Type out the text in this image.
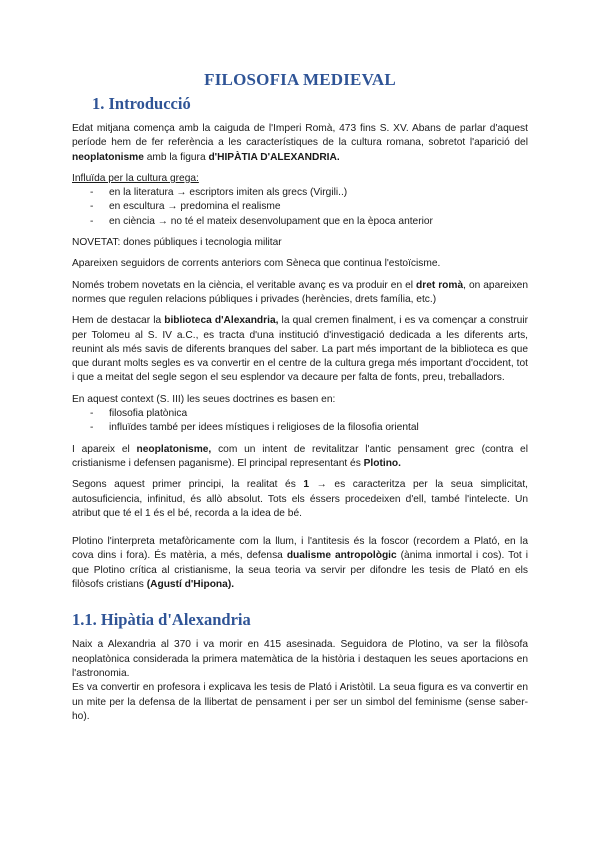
FILOSOFIA MEDIEVAL
1. Introducció

Edat mitjana comença amb la caiguda de l'Imperi Romà, 473 fins S. XV. Abans de parlar d'aquest període hem de fer referència a les característiques de la cultura romana, sobretot l'aparició del neoplatonisme amb la figura d'HIPÀTIA D'ALEXANDRIA.

Influïda per la cultura grega:

- en la literatura → escriptors imiten als grecs (Virgili..)
- en escultura → predomina el realisme
- en ciència → no té el mateix desenvolupament que en la època anterior

NOVETAT: dones públiques i tecnologia militar

Apareixen seguidors de corrents anteriors com Sèneca que continua l'estoïcisme.

Només trobem novetats en la ciència, el veritable avanç es va produir en el dret romà, on apareixen normes que regulen relacions públiques i privades (herències, drets família, etc.)

Hem de destacar la biblioteca d'Alexandria, la qual cremen finalment, i es va començar a construir per Tolomeu al S. IV a.C., es tracta d'una institució d'investigació dedicada a les diferents arts, reunint als més savis de diferents branques del saber. La part més important de la biblioteca es que que durant molts segles es va convertir en el centre de la cultura grega més important d'occident, tot i que a meitat del segle segon el seu esplendor va decaure per falta de fonts, preu, treballadors.

En aquest context (S. III) les seues doctrines es basen en:

- filosofia platònica
- influïdes també per idees místiques i religioses de la filosofia oriental

I apareix el neoplatonisme, com un intent de revitalitzar l'antic pensament grec (contra el cristianisme i defensen paganisme). El principal representant és Plotino.

Segons aquest primer principi, la realitat és 1 → es caracteritza per la seua simplicitat, autosuficiencia, infinitud, és allò absolut. Tots els éssers procedeixen d'ell, també l'intelecte. Un atribut que té el 1 és el bé, recorda a la idea de bé.

Plotino l'interpreta metafòricamente com la llum, i l'antitesis és la foscor (recordem a Plató, en la cova dins i fora). És matèria, a més, defensa dualisme antropològic (ànima inmortal i cos). Tot i que Plotino crítica al cristianisme, la seua teoria va servir per difondre les tesis de Plató en els filòsofs cristians (Agustí d'Hipona).

1.1. Hipàtia d'Alexandria

Naix a Alexandria al 370 i va morir en 415 asesinada. Seguidora de Plotino, va ser la filòsofa neoplatònica considerada la primera matemàtica de la història i destaquen les seues aportacions en l'astronomia.

Es va convertir en profesora i explicava les tesis de Plató i Aristòtil. La seua figura es va convertir en un mite per la defensa de la llibertat de pensament i per ser un simbol del feminisme (sense saber-ho).
